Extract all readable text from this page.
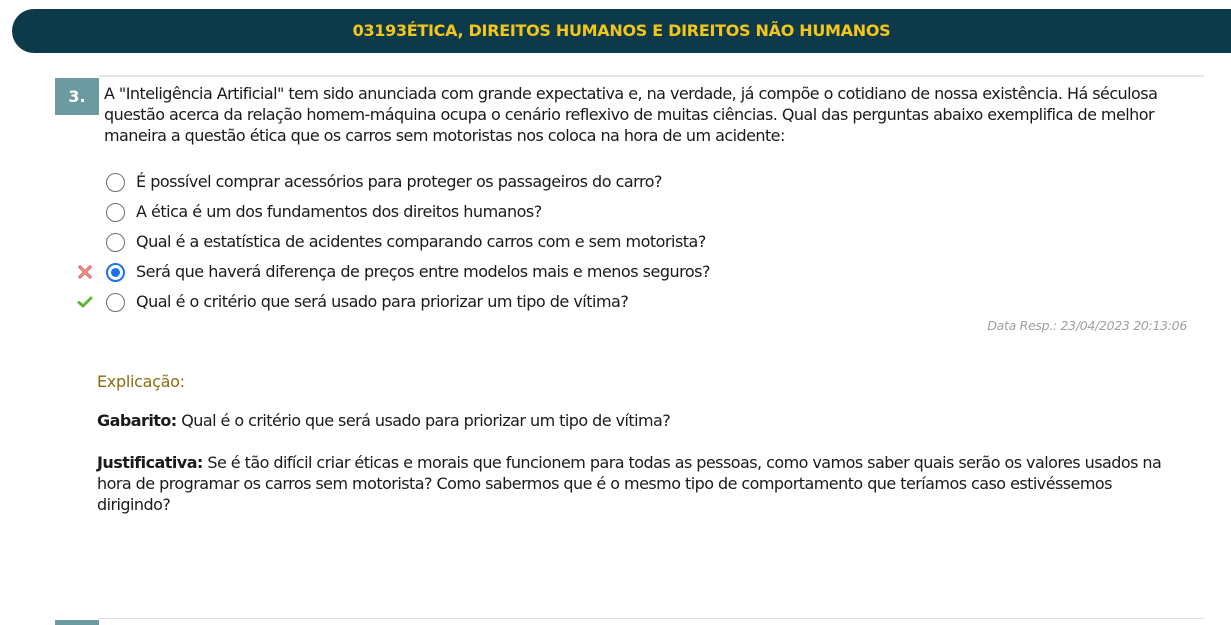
03193ÉTICA, DIREITOS HUMANOS E DIREITOS NÃO HUMANOS
3.	A "Inteligência Artificial" tem sido anunciada com grande expectativa e, na verdade, já compõe o cotidiano de nossa existência. Há séculosa questão acerca da relação homem-máquina ocupa o cenário reflexivo de muitas ciências. Qual das perguntas abaixo exemplifica de melhor maneira a questão ética que os carros sem motoristas nos coloca na hora de um acidente:
É possível comprar acessórios para proteger os passageiros do carro?
A ética é um dos fundamentos dos direitos humanos?
Qual é a estatística de acidentes comparando carros com e sem motorista?
Será que haverá diferença de preços entre modelos mais e menos seguros?
Qual é o critério que será usado para priorizar um tipo de vítima?
Data Resp.: 23/04/2023 20:13:06
Explicação:
Gabarito: Qual é o critério que será usado para priorizar um tipo de vítima?
Justificativa: Se é tão difícil criar éticas e morais que funcionem para todas as pessoas, como vamos saber quais serão os valores usados na hora de programar os carros sem motorista? Como sabermos que é o mesmo tipo de comportamento que teríamos caso estivéssemos dirigindo?
